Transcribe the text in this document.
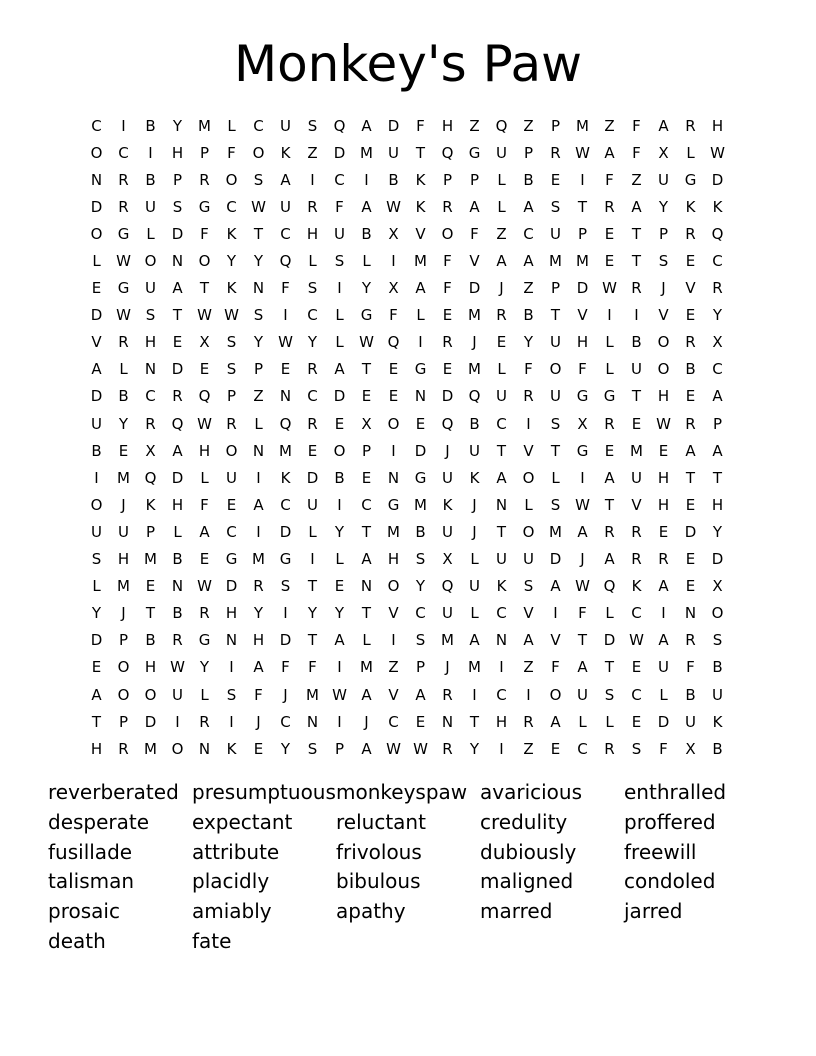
Monkey's Paw
C	I	B	Y	M	L	C	U	S	Q	A	D	F	H	Z	Q	Z	P	M	Z	F	A	R	H
O	C	I	H	P	F	O	K	Z	D M	U	T	Q	G	U	P	R W A	F	X	L	W
N	R	B	P	R	O	S	A	I	C	I	B	K	P	P	L	B	E	I	F	Z	U	G	D
D	R	U	S	G	C W U	R	F	A W K	R	A	L	A	S	T	R	A	Y	K	K
O	G	L	D	F	K	T	C	H	U	B	X	V	O	F	Z	C	U	P	E	T	P	R	Q
L	W O	N	O	Y	Y	Q	L	S	L	I	M	F	V	A	A	M M	E	T	S	E	C
E	G	U	A	T	K	N	F	S	I	Y	X	A	F	D	J	Z	P	D W R	J	V	R
D W S	T	W W S	I	C	L	G	F	L	E	M	R	B	T	V	I	I	V	E	Y
V	R	H	E	X	S	Y	W Y	L	W Q	I	R	J	E	Y	U	H	L	B	O	R	X
A	L	N	D	E	S	P	E	R	A	T	E	G	E	M	L	F	O	F	L	U	O	B	C
D	B	C	R	Q	P	Z	N	C	D	E	E	N	D	Q	U	R	U	G	G	T	H	E	A
U	Y	R	Q W R	L	Q	R	E	X	O	E	Q	B	C	I	S	X	R	E W R	P
B	E	X	A	H	O	N M	E	O	P	I	D	J	U	T	V	T	G	E	M	E	A	A
I	M Q	D	L	U	I	K	D	B	E	N	G	U	K	A	O	L	I	A	U	H	T	T
O	J	K	H	F	E	A	C	U	I	C	G M	K	J	N	L	S W T	V	H	E	H
U	U	P	L	A	C	I	D	L	Y	T	M	B	U	J	T	O M	A	R	R	E	D	Y
S	H M	B	E	G M G	I	L	A	H	S	X	L	U	U	D	J	A	R	R	E	D
L	M	E	N W D	R	S	T	E	N	O	Y	Q	U	K	S	A W Q	K	A	E	X
Y	J	T	B	R	H	Y	I	Y	Y	T	V	C	U	L	C	V	I	F	L	C	I	N	O
D	P	B	R	G	N	H	D	T	A	L	I	S	M	A	N	A	V	T	D W A	R	S
E	O	H W Y	I	A	F	F	I	M	Z	P	J	M	I	Z	F	A	T	E	U	F	B
A	O	O	U	L	S	F	J	M W A	V	A	R	I	C	I	O	U	S	C	L	B	U
T	P	D	I	R	I	J	C	N	I	J	C	E	N	T	H	R	A	L	L	E	D	U	K
H	R	M O	N	K	E	Y	S	P	A W W R	Y	I	Z	E	C	R	S	F	X	B
reverberated presumptuous monkeyspaw avaricious	enthralled
desperate	expectant	reluctant	credulity	proffered
fusillade	attribute	frivolous	dubiously	freewill
talisman	placidly	bibulous	maligned	condoled
prosaic	amiably	apathy	marred	jarred
death	fate
